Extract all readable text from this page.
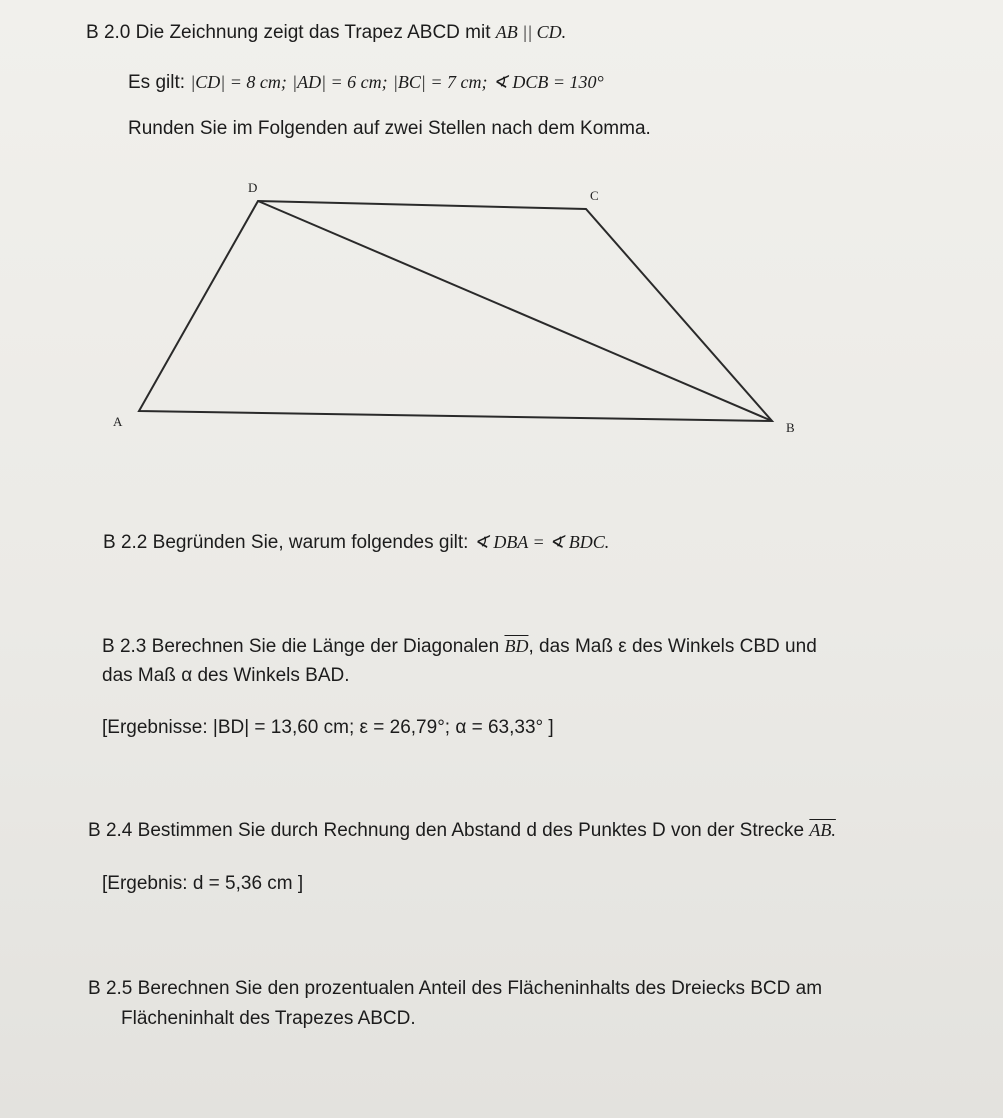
B 2.0 Die Zeichnung zeigt das Trapez ABCD mit AB || CD.
Es gilt: |CD| = 8 cm; |AD| = 6 cm; |BC| = 7 cm; ∢ DCB = 130°
Runden Sie im Folgenden auf zwei Stellen nach dem Komma.
A	B
C
D
B 2.2 Begründen Sie, warum folgendes gilt: ∢ DBA = ∢ BDC.
B 2.3 Berechnen Sie die Länge der Diagonalen $\overline{BD}$, das Maß ε des Winkels CBD und
das Maß α des Winkels BAD.
[Ergebnisse: |BD| = 13,60 cm; ε = 26,79°; α = 63,33° ]
B 2.4 Bestimmen Sie durch Rechnung den Abstand d des Punktes D von der Strecke AB.
[Ergebnis: d = 5,36 cm ]
B 2.5 Berechnen Sie den prozentualen Anteil des Flächeninhalts des Dreiecks BCD am
Flächeninhalt des Trapezes ABCD.
